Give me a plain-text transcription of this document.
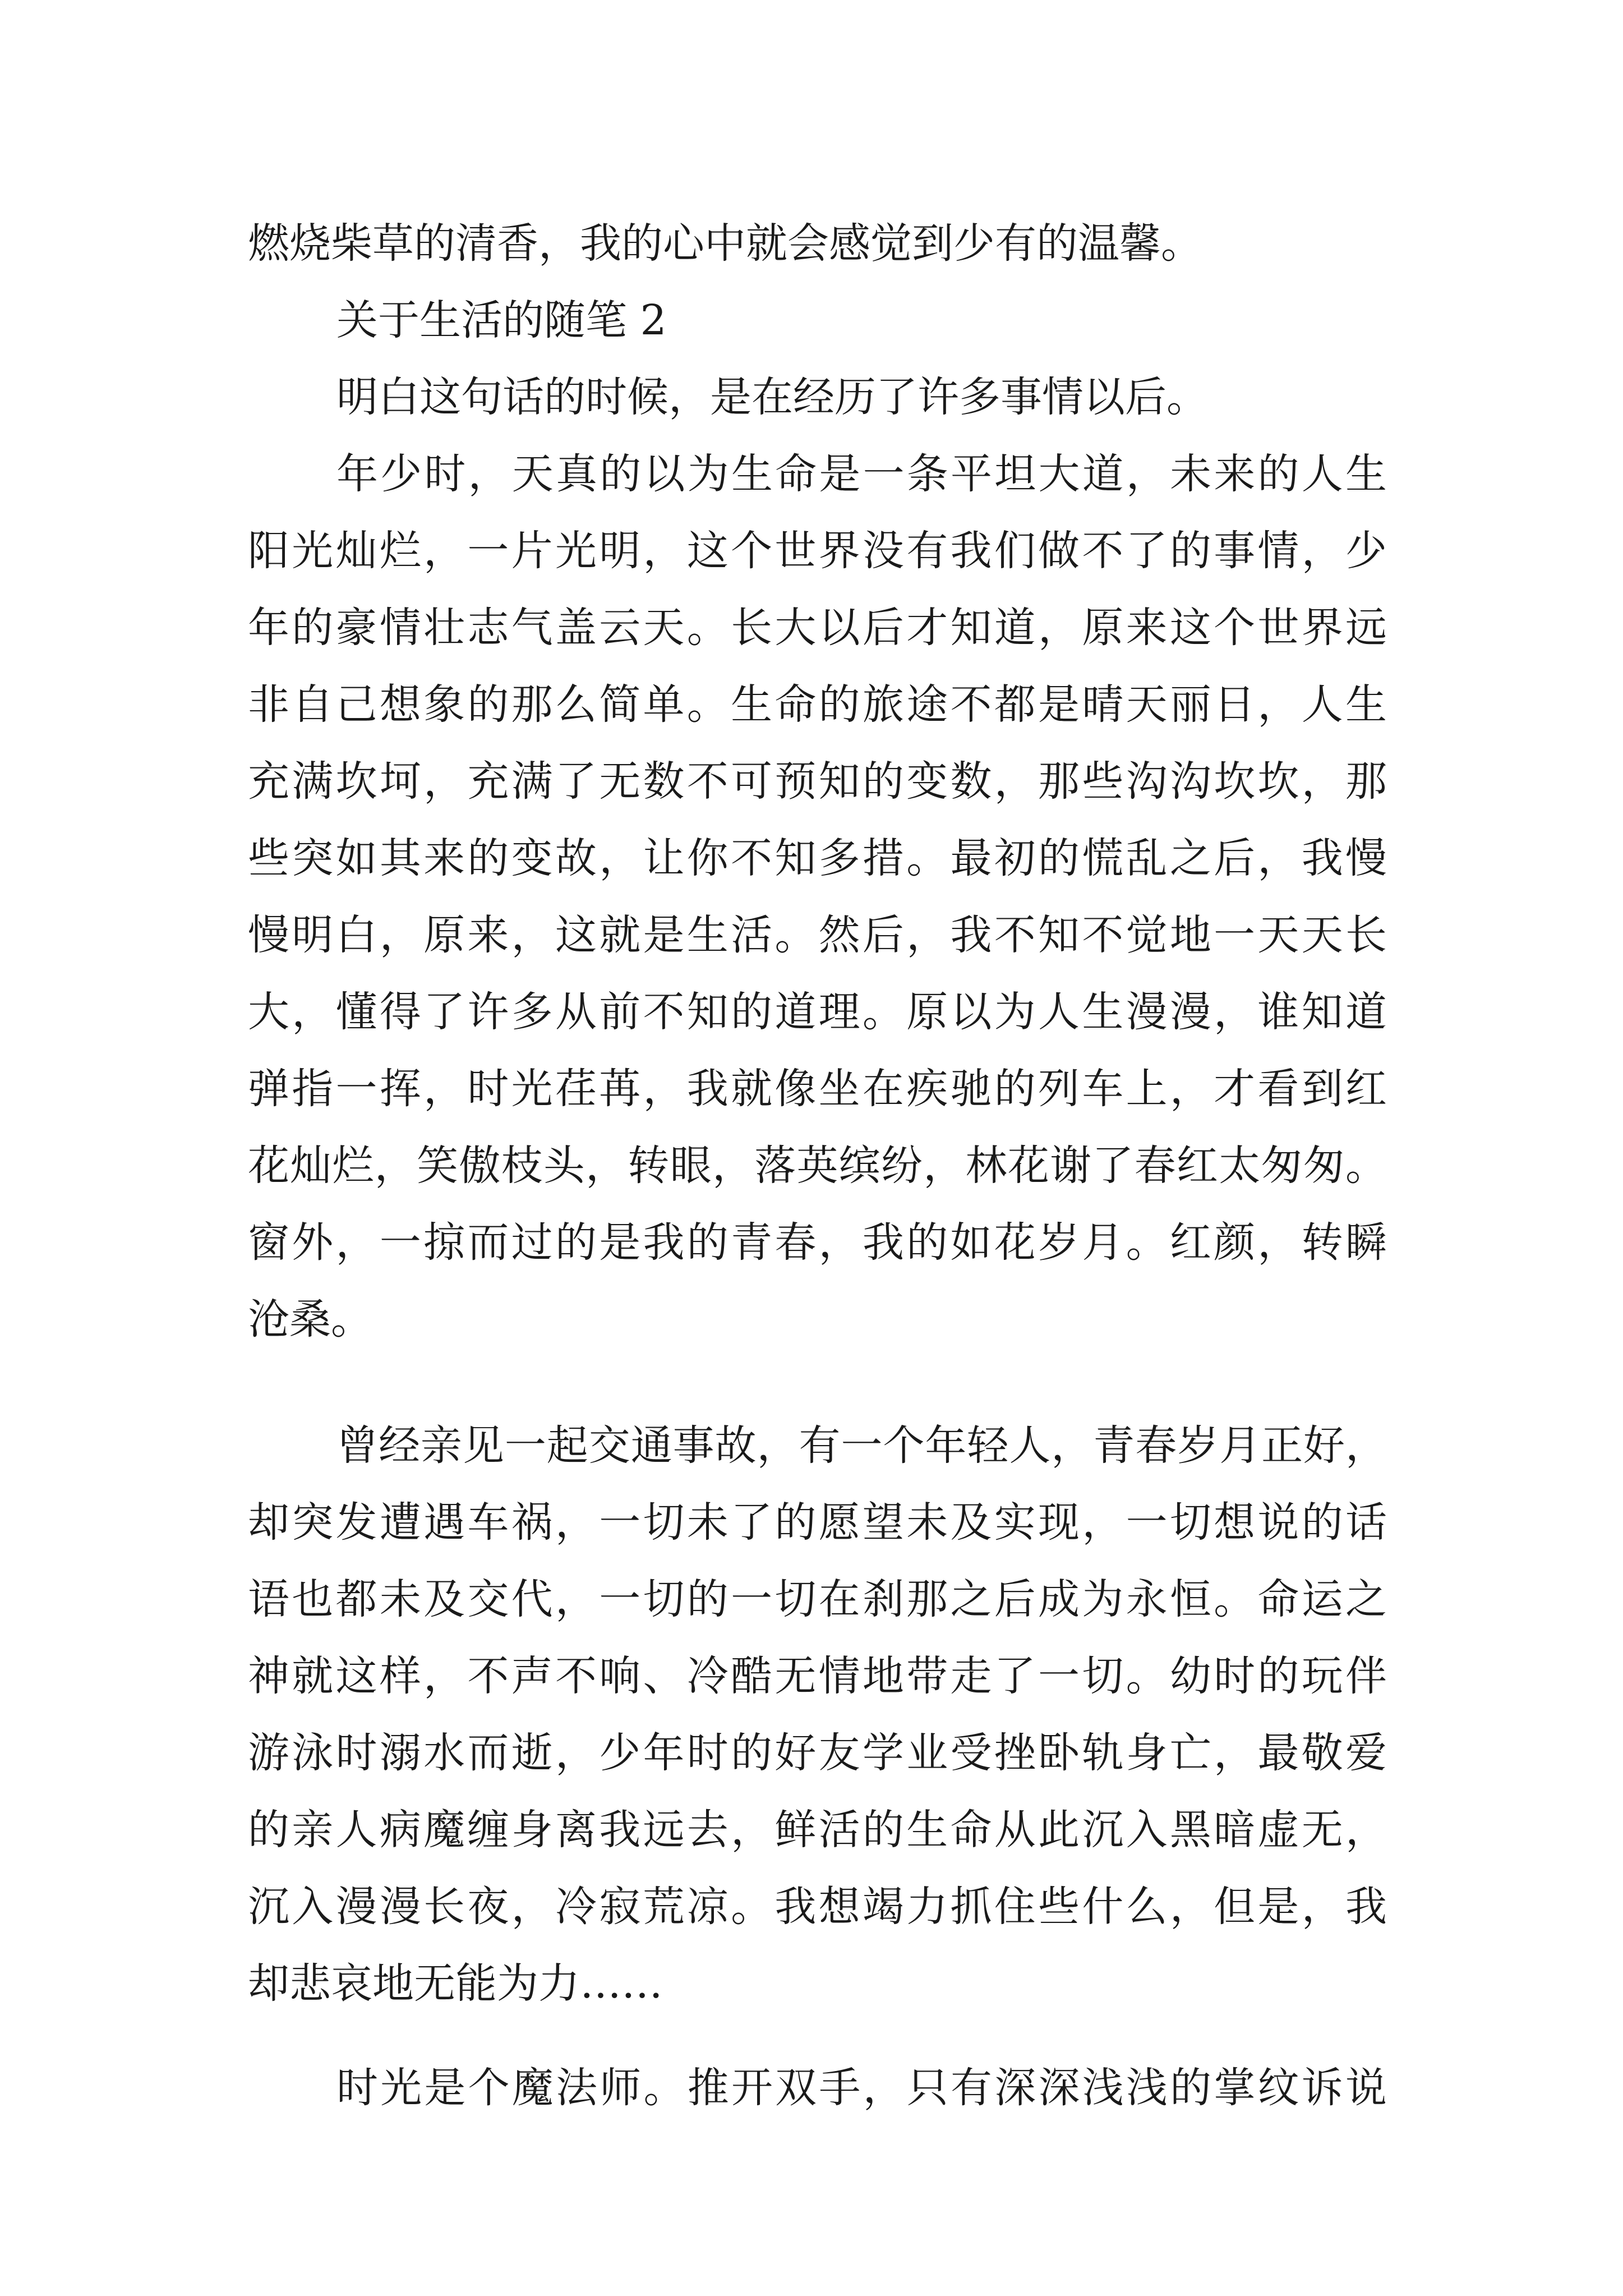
燃烧柴草的清香，我的心中就会感觉到少有的温馨。
关于生活的随笔 2
明白这句话的时候，是在经历了许多事情以后。
年少时，天真的以为生命是一条平坦大道，未来的人生
阳光灿烂，一片光明，这个世界没有我们做不了的事情，少
年的豪情壮志气盖云天。长大以后才知道，原来这个世界远
非自己想象的那么简单。生命的旅途不都是晴天丽日，人生
充满坎坷，充满了无数不可预知的变数，那些沟沟坎坎，那
些突如其来的变故，让你不知多措。最初的慌乱之后，我慢
慢明白，原来，这就是生活。然后，我不知不觉地一天天长
大，懂得了许多从前不知的道理。原以为人生漫漫，谁知道
弹指一挥，时光荏苒，我就像坐在疾驰的列车上，才看到红
花灿烂，笑傲枝头，转眼，落英缤纷，林花谢了春红太匆匆。
窗外，一掠而过的是我的青春，我的如花岁月。红颜，转瞬
沧桑。
曾经亲见一起交通事故，有一个年轻人，青春岁月正好，
却突发遭遇车祸，一切未了的愿望未及实现，一切想说的话
语也都未及交代，一切的一切在刹那之后成为永恒。命运之
神就这样，不声不响、冷酷无情地带走了一切。幼时的玩伴
游泳时溺水而逝，少年时的好友学业受挫卧轨身亡，最敬爱
的亲人病魔缠身离我远去，鲜活的生命从此沉入黑暗虚无，
沉入漫漫长夜，冷寂荒凉。我想竭力抓住些什么，但是，我
却悲哀地无能为力……
时光是个魔法师。推开双手，只有深深浅浅的掌纹诉说
